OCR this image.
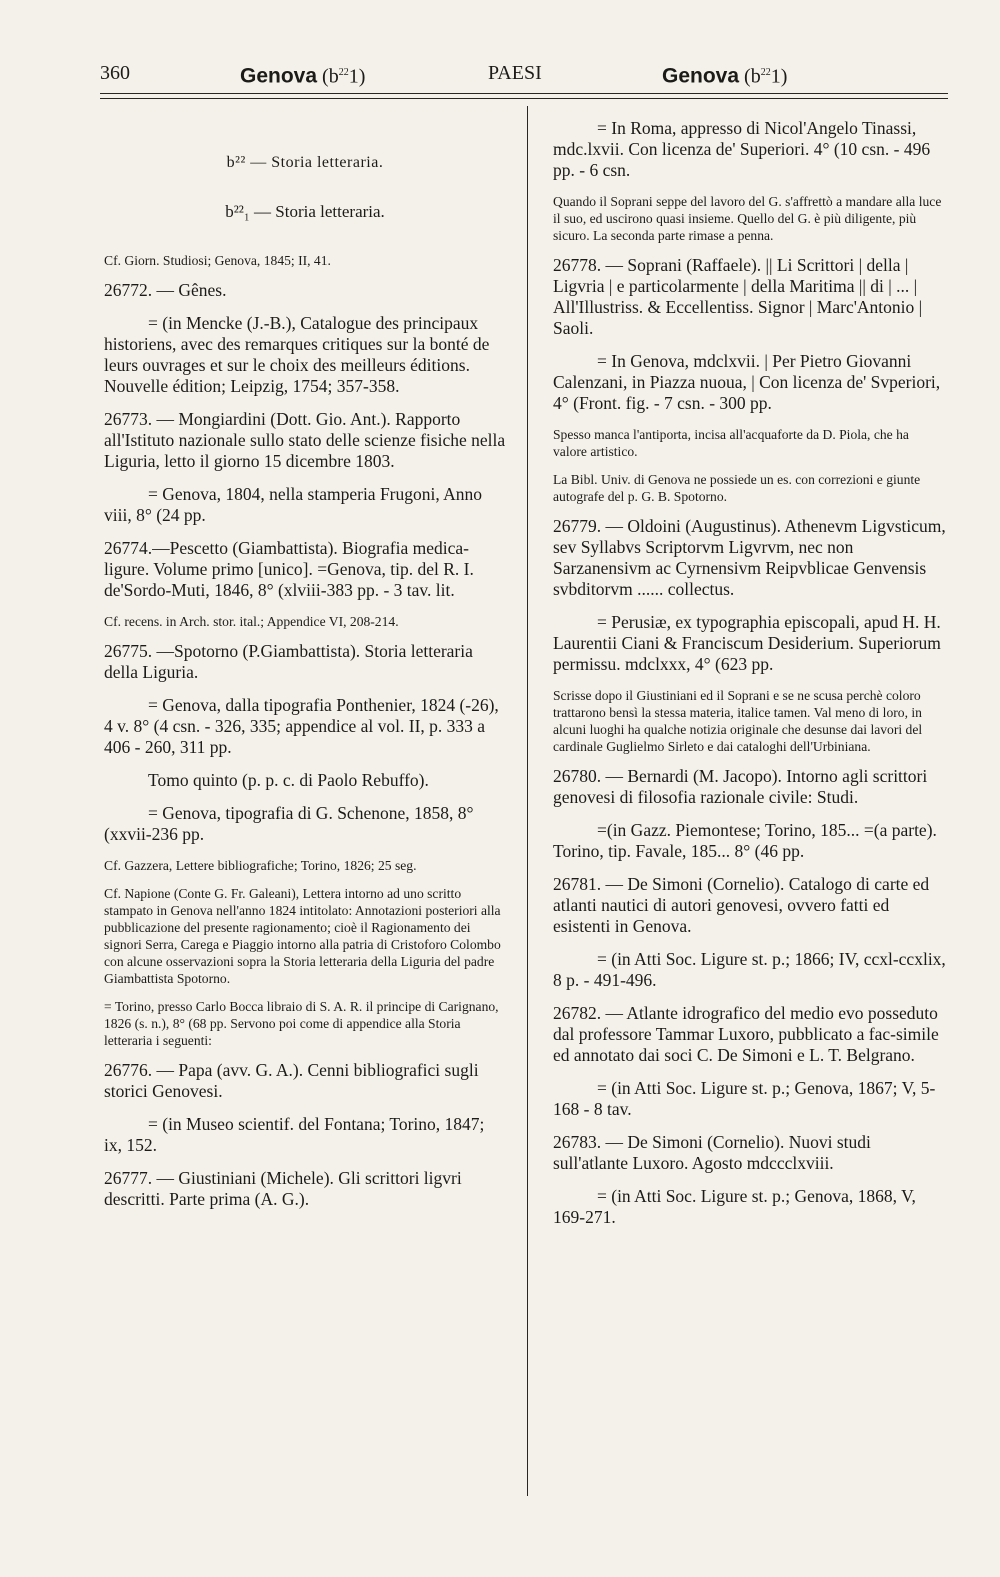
360	Genova $(b^{22}1)$	PAESI	Genova $(b^{22}1)$

b²² — Storia letteraria.

b²²₁ — Storia letteraria.

Cf. Giorn. Studiosi; Genova, 1845; II, 41.

26772. — Gênes.

= (in Mencke (J.-B.), Catalogue des principaux historiens, avec des remarques critiques sur la bonté de leurs ouvrages et sur le choix des meilleurs éditions. Nouvelle édition; Leipzig, 1754; 357-358.

26773. — Mongiardini (Dott. Gio. Ant.). Rapporto all'Istituto nazionale sullo stato delle scienze fisiche nella Liguria, letto il giorno 15 dicembre 1803.

= Genova, 1804, nella stamperia Frugoni, Anno viii, 8° (24 pp.

26774.—Pescetto (Giambattista). Biografia medica-ligure. Volume primo [unico]. =Genova, tip. del R. I. de'Sordo-Muti, 1846, 8° (xlviii-383 pp. - 3 tav. lit.

Cf. recens. in Arch. stor. ital.; Appendice VI, 208-214.

26775. —Spotorno (P.Giambattista). Storia letteraria della Liguria.

= Genova, dalla tipografia Ponthenier, 1824 (-26), 4 v. 8° (4 csn. - 326, 335; appendice al vol. II, p. 333 a 406 - 260, 311 pp.

Tomo quinto (p. p. c. di Paolo Rebuffo).

= Genova, tipografia di G. Schenone, 1858, 8° (xxvii-236 pp.

Cf. Gazzera, Lettere bibliografiche; Torino, 1826; 25 seg.

Cf. Napione (Conte G. Fr. Galeani), Lettera intorno ad uno scritto stampato in Genova nell'anno 1824 intitolato: Annotazioni posteriori alla pubblicazione del presente ragionamento; cioè il Ragionamento dei signori Serra, Carega e Piaggio intorno alla patria di Cristoforo Colombo con alcune osservazioni sopra la Storia letteraria della Liguria del padre Giambattista Spotorno.

= Torino, presso Carlo Bocca libraio di S. A. R. il principe di Carignano, 1826 (s. n.), 8° (68 pp. Servono poi come di appendice alla Storia letteraria i seguenti:

26776. — Papa (avv. G. A.). Cenni bibliografici sugli storici Genovesi.

= (in Museo scientif. del Fontana; Torino, 1847; ix, 152.

26777. — Giustiniani (Michele). Gli scrittori ligvri descritti. Parte prima (A. G.).

= In Roma, appresso di Nicol'Angelo Tinassi, mdc.lxvii. Con licenza de' Superiori. 4° (10 csn. - 496 pp. - 6 csn.

Quando il Soprani seppe del lavoro del G. s'affrettò a mandare alla luce il suo, ed uscirono quasi insieme. Quello del G. è più diligente, più sicuro. La seconda parte rimase a penna.

26778. — Soprani (Raffaele). || Li Scrittori | della | Ligvria | e particolarmente | della Maritima || di | ... | All'Illustriss. & Eccellentiss. Signor | Marc'Antonio | Saoli.

= In Genova, mdclxvii. | Per Pietro Giovanni Calenzani, in Piazza nuoua, | Con licenza de' Svperiori, 4° (Front. fig. - 7 csn. - 300 pp.

Spesso manca l'antiporta, incisa all'acquaforte da D. Piola, che ha valore artistico.

La Bibl. Univ. di Genova ne possiede un es. con correzioni e giunte autografe del p. G. B. Spotorno.

26779. — Oldoini (Augustinus). Athenevm Ligvsticum, sev Syllabvs Scriptorvm Ligvrvm, nec non Sarzanensivm ac Cyrnensivm Reipvblicae Genvensis svbditorvm ...... collectus.

= Perusiæ, ex typographia episcopali, apud H. H. Laurentii Ciani & Franciscum Desiderium. Superiorum permissu. mdclxxx, 4° (623 pp.

Scrisse dopo il Giustiniani ed il Soprani e se ne scusa perchè coloro trattarono bensì la stessa materia, italice tamen. Val meno di loro, in alcuni luoghi ha qualche notizia originale che desunse dai lavori del cardinale Guglielmo Sirleto e dai cataloghi dell'Urbiniana.

26780. — Bernardi (M. Jacopo). Intorno agli scrittori genovesi di filosofia razionale civile: Studi.

=(in Gazz. Piemontese; Torino, 185... =(a parte). Torino, tip. Favale, 185... 8° (46 pp.

26781. — De Simoni (Cornelio). Catalogo di carte ed atlanti nautici di autori genovesi, ovvero fatti ed esistenti in Genova.

= (in Atti Soc. Ligure st. p.; 1866; IV, ccxl-ccxlix, 8 p. - 491-496.

26782. — Atlante idrografico del medio evo posseduto dal professore Tammar Luxoro, pubblicato a fac-simile ed annotato dai soci C. De Simoni e L. T. Belgrano.

= (in Atti Soc. Ligure st. p.; Genova, 1867; V, 5-168 - 8 tav.

26783. — De Simoni (Cornelio). Nuovi studi sull'atlante Luxoro. Agosto mdccclxviii.

= (in Atti Soc. Ligure st. p.; Genova, 1868, V, 169-271.
